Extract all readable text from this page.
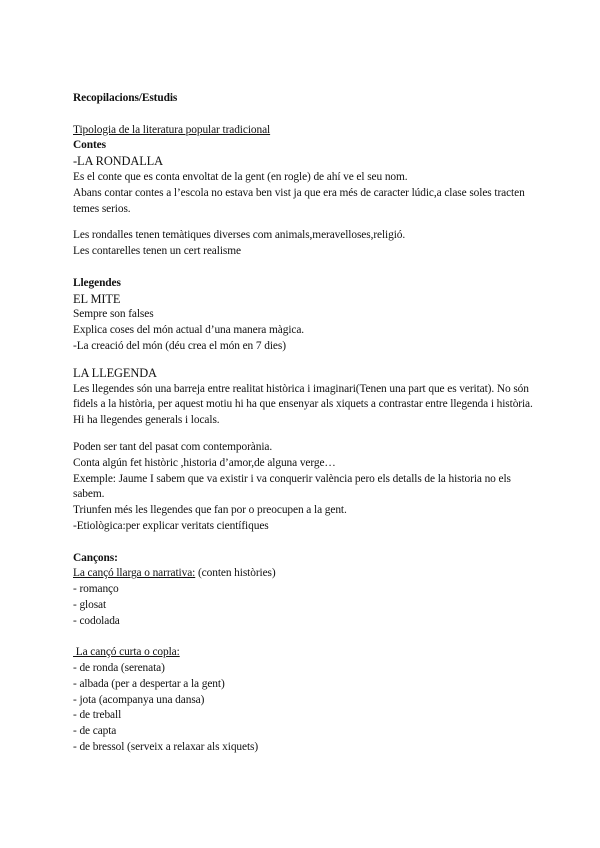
Recopilacions/Estudis
Tipologia de la literatura popular tradicional
Contes
-LA RONDALLA
Es el conte que es conta envoltat de la gent (en rogle) de ahí ve el seu nom.
Abans contar contes a l’escola no estava ben vist ja que era més de caracter lúdic,a clase soles tracten temes serios.
Les rondalles tenen temàtiques diverses com animals,meravelloses,religió.
Les contarelles tenen un cert realisme
Llegendes
EL MITE
Sempre son falses
Explica coses del món actual d’una manera màgica.
-La creació del món (déu crea el món en 7 dies)
LA LLEGENDA
Les llegendes són una barreja entre realitat històrica i imaginari(Tenen una part que es veritat). No són fidels a la història, per aquest motiu hi ha que ensenyar als xiquets a contrastar entre llegenda i història. Hi ha llegendes generals i locals.
Poden ser tant del pasat com contemporània.
Conta algún fet històric ,historia d’amor,de alguna verge…
Exemple: Jaume I sabem que va existir i va conquerir valència pero els detalls de la historia no els sabem.
Triunfen més les llegendes que fan por o preocupen a la gent.
-Etiològica:per explicar veritats científiques
Cançons:
La cançó llarga o narrativa: (conten històries)
- romanço
- glosat
- codolada
La cançó curta o copla:
- de ronda (serenata)
- albada (per a despertar a la gent)
- jota (acompanya una dansa)
- de treball
- de capta
- de bressol (serveix a relaxar als xiquets)
